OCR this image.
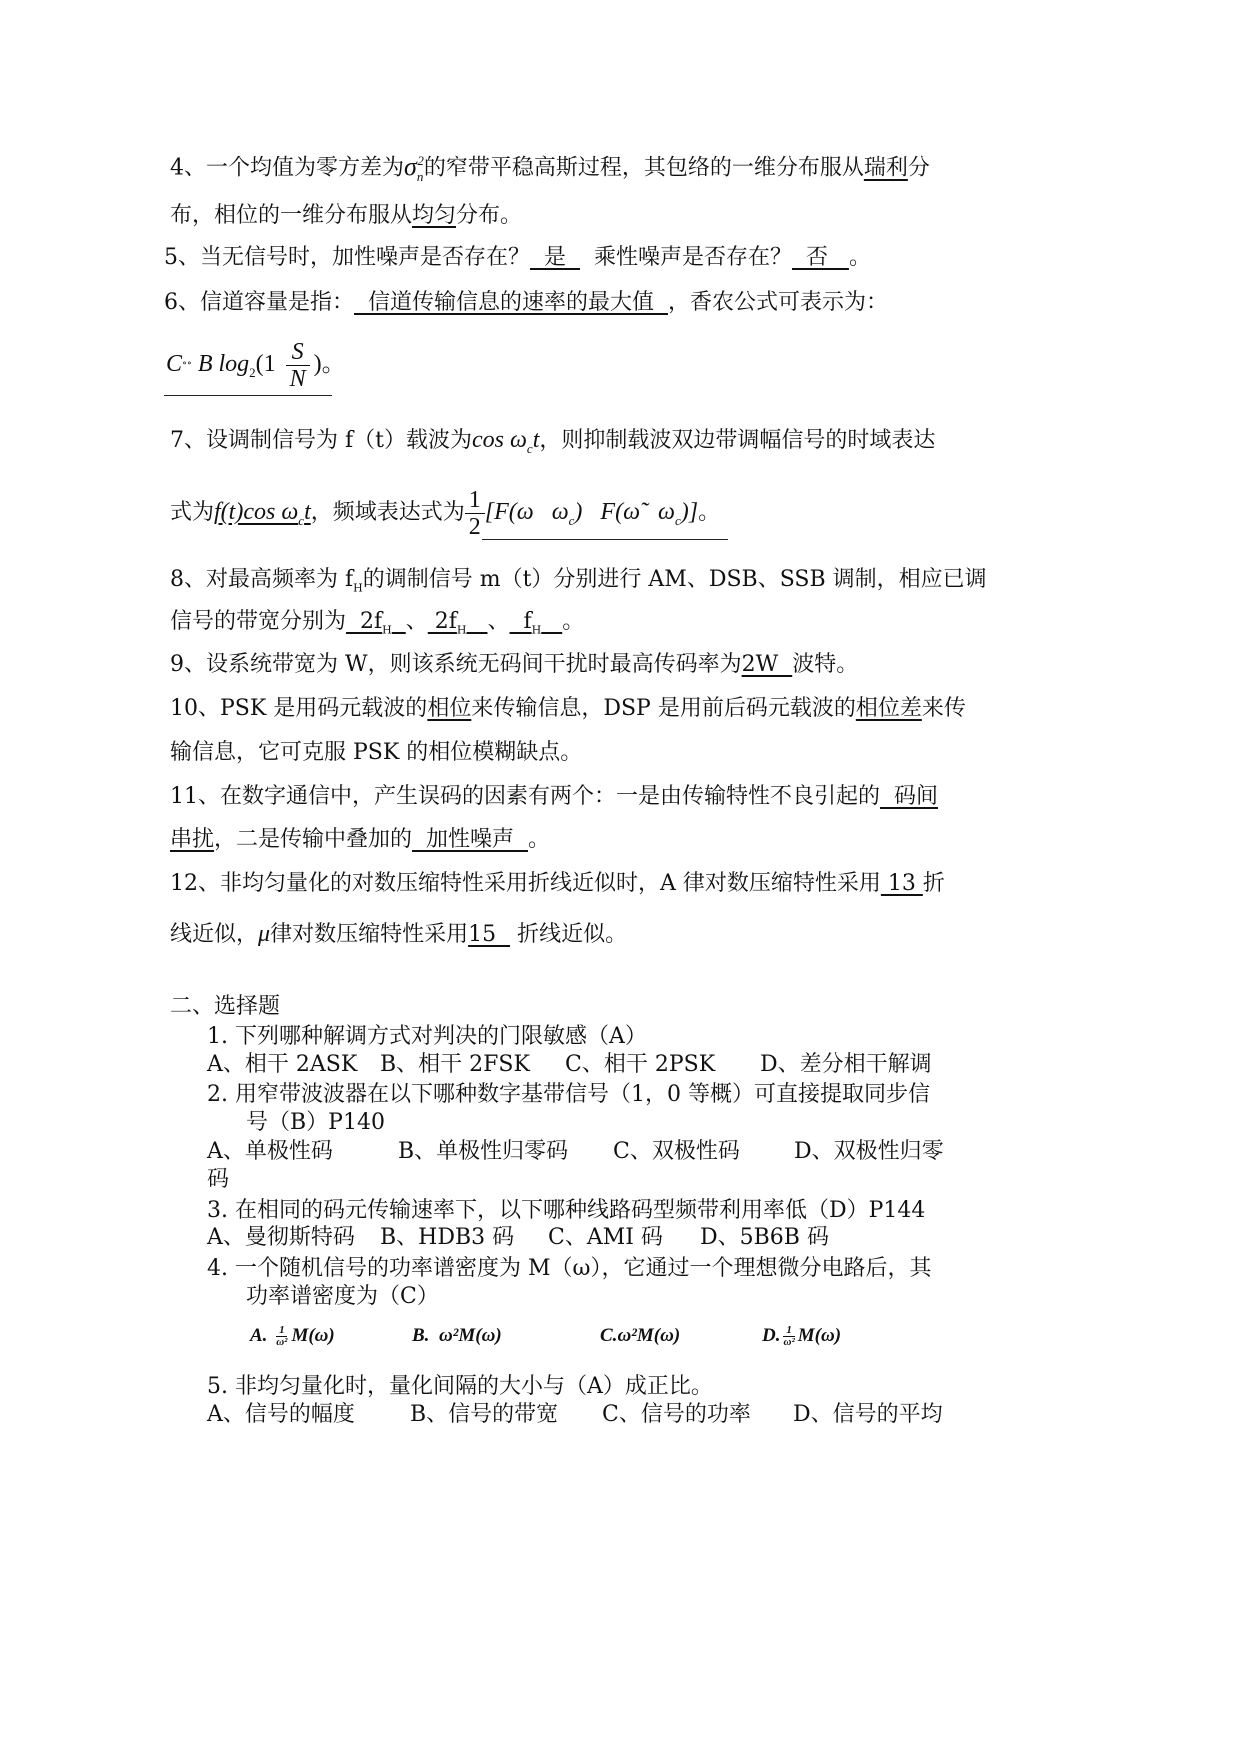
4、一个均值为零方差为$\sigma_n^2$的窄带平稳高斯过程，其包络的一维分布服从瑞利分
布，相位的一维分布服从均匀分布。
5、当无信号时，加性噪声是否存在？  是    乘性噪声是否存在？  否   。
6、信道容量是指：  信道传输信息的速率的最大值  ，香农公式可表示为：
C∘∘ B $\log_2(1 \frac{S}{N}$ )。
7、设调制信号为 f（t）载波为$\cos \omega_ct$，则抑制载波双边带调幅信号的时域表达
式为f(t)cos $\omega_ct$，频域表达式为 $\frac{1}{2} [F(\omega$   $\omega_c$)   F(ω̃   $\omega_c$)]。
8、对最高频率为 $f_H$的调制信号 m（t）分别进行 AM、DSB、SSB 调制，相应已调
信号的带宽分别为  $2f_H$ 、 $2f_H$ 、  $f_H$ 。
9、设系统带宽为 W，则该系统无码间干扰时最高传码率为2W  波特。
10、PSK 是用码元载波的相位来传输信息，DSP 是用前后码元载波的相位差来传
输信息，它可克服 PSK 的相位模糊缺点。
11、在数字通信中，产生误码的因素有两个：一是由传输特性不良引起的  码间
串扰，二是传输中叠加的  加性噪声  。
12、非均匀量化的对数压缩特性采用折线近似时，A 律对数压缩特性采用 13 折
线近似，μ律对数压缩特性采用15   折线近似。
二、选择题
1. 下列哪种解调方式对判决的门限敏感（A）
A、相干 2ASK B、相干 2FSK C、相干 2PSK D、差分相干解调
2. 用窄带波波器在以下哪种数字基带信号（1，0 等概）可直接提取同步信
号（B）P140
A、单极性码	B、单极性归零码 C、双极性码 D、双极性归零
码
3. 在相同的码元传输速率下，以下哪种线路码型频带利用率低（D）P144
A、曼彻斯特码 B、HDB3 码 C、AMI 码 D、5B6B 码
4. 一个随机信号的功率谱密度为 M（ω），它通过一个理想微分电路后，其
功率谱密度为（C）
A. $\frac{1}{\text{ω²}} M(\omega)$	B. ω²M(ω)	C.ω²M(ω)	D. $\frac{1}{\text{ω²}} M(\omega)$
5. 非均匀量化时，量化间隔的大小与（A）成正比。
A、信号的幅度	B、信号的带宽 C、信号的功率 D、信号的平均
